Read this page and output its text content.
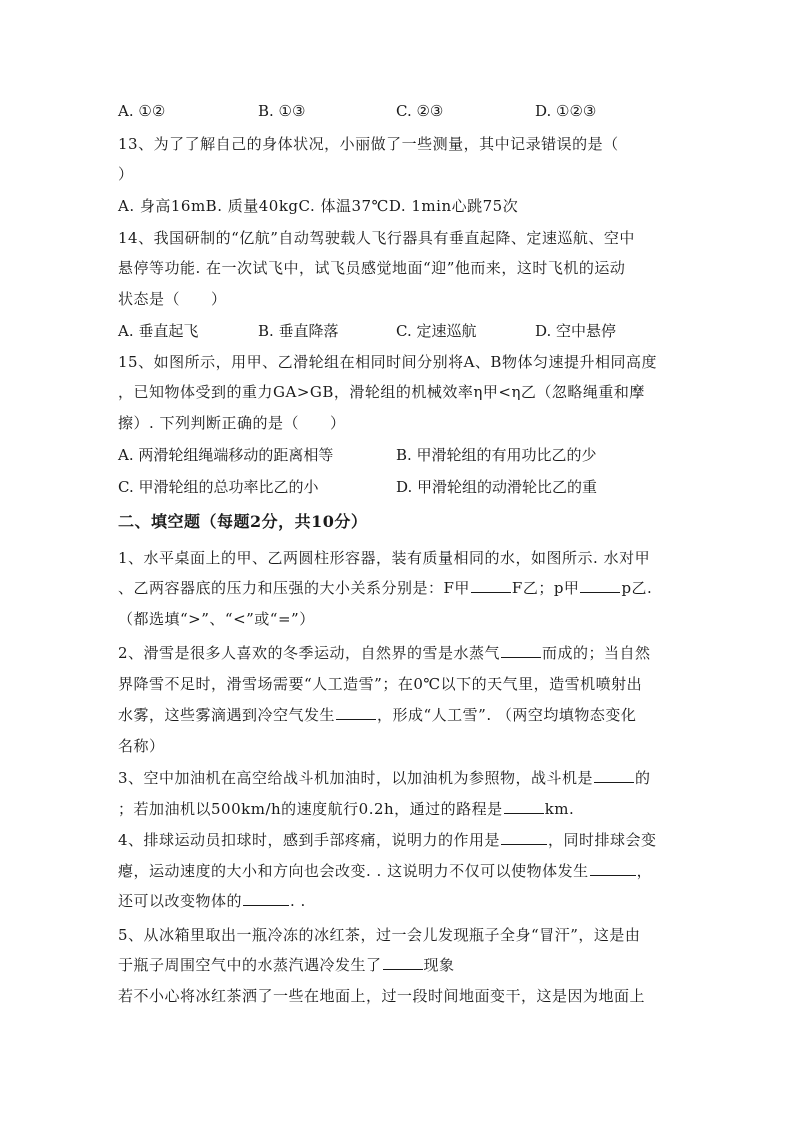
A. ①②	B. ①③	C. ②③	D. ①②③
13、为了了解自己的身体状况，小丽做了一些测量，其中记录错误的是（
）
A. 身高16mB. 质量40kgC. 体温37℃D. 1min心跳75次
14、我国研制的“亿航”自动驾驶载人飞行器具有垂直起降、定速巡航、空中
悬停等功能. 在一次试飞中，试飞员感觉地面“迎”他而来，这时飞机的运动
状态是（　　）
A. 垂直起飞	B. 垂直降落	C. 定速巡航	D. 空中悬停
15、如图所示，用甲、乙滑轮组在相同时间分别将A、B物体匀速提升相同高度
，已知物体受到的重力GA>GB，滑轮组的机械效率η甲<η乙（忽略绳重和摩
擦）. 下列判断正确的是（　　）
A. 两滑轮组绳端移动的距离相等	B. 甲滑轮组的有用功比乙的少
C. 甲滑轮组的总功率比乙的小	D. 甲滑轮组的动滑轮比乙的重
二、填空题（每题2分，共10分）
1、水平桌面上的甲、乙两圆柱形容器，装有质量相同的水，如图所示. 水对甲
、乙两容器底的压力和压强的大小关系分别是：F甲	F乙；p甲	p乙.
（都选填“>”、“<”或“=”）
2、滑雪是很多人喜欢的冬季运动，自然界的雪是水蒸气	而成的；当自然
界降雪不足时，滑雪场需要“人工造雪”；在0℃以下的天气里，造雪机喷射出
水雾，这些雾滴遇到冷空气发生	，形成“人工雪”. （两空均填物态变化
名称）
3、空中加油机在高空给战斗机加油时，以加油机为参照物，战斗机是	的
；若加油机以500km/h的速度航行0.2h，通过的路程是	km.
4、排球运动员扣球时，感到手部疼痛，说明力的作用是	，同时排球会变
瘪，运动速度的大小和方向也会改变. . 这说明力不仅可以使物体发生	，
还可以改变物体的	. .
5、从冰箱里取出一瓶冷冻的冰红茶，过一会儿发现瓶子全身“冒汗”，这是由
于瓶子周围空气中的水蒸汽遇冷发生了	现象
若不小心将冰红茶洒了一些在地面上，过一段时间地面变干，这是因为地面上
